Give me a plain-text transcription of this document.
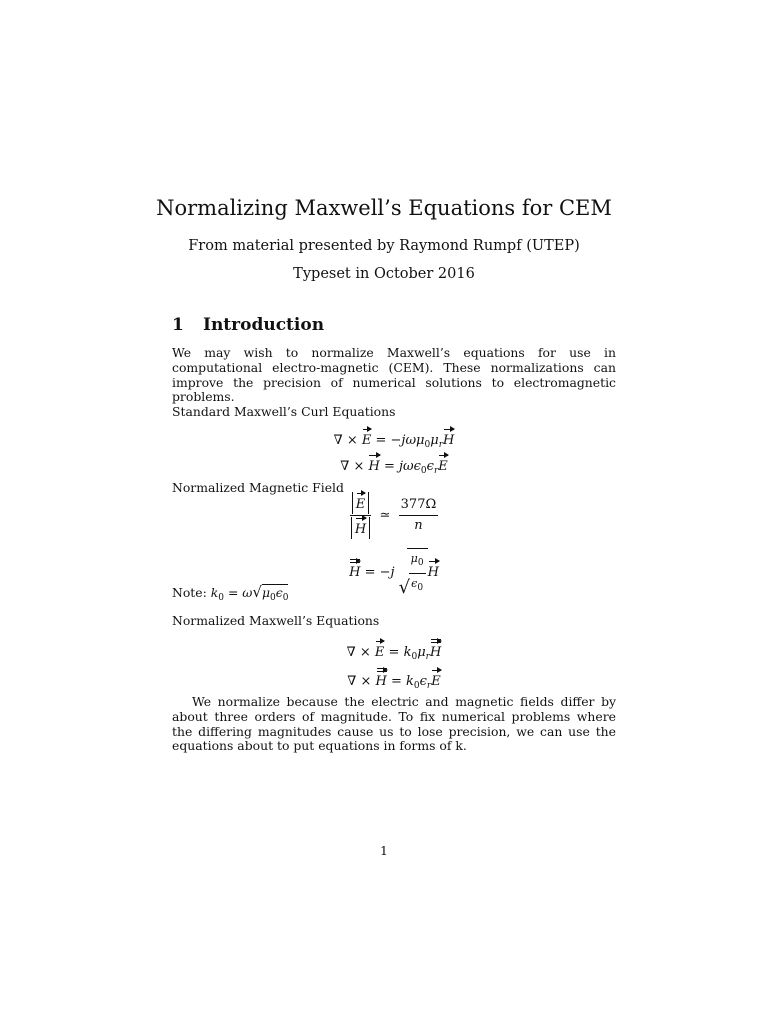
Normalizing Maxwell’s Equations for CEM
From material presented by Raymond Rumpf (UTEP)
Typeset in October 2016
1 Introduction
We may wish to normalize Maxwell’s equations for use in computational electro-magnetic (CEM). These normalizations can improve the precision of numerical solutions to electromagnetic problems.
Standard Maxwell’s Curl Equations
∇ × $E = -j\omega\mu_0\mu_rH$
∇ × $H = j\omega\epsilon_0\epsilon_rE$
Normalized Magnetic Field
$\frac{E}{H}$ ≃ $\frac{377\Omega}{n}$
H = −j
√
$\frac{\mu_0}{\epsilon_0}$ H
Note: $k_0 = \omega√\mu_0\epsilon_0$
Normalized Maxwell’s Equations
∇ × $E = k_0\mu_r$
H
∇ ×
$H = k_0\epsilon_rE$
We normalize because the electric and magnetic fields differ by about three orders of magnitude. To fix numerical problems where the differing magnitudes cause us to lose precision, we can use the equations about to put equations in forms of k.
1
